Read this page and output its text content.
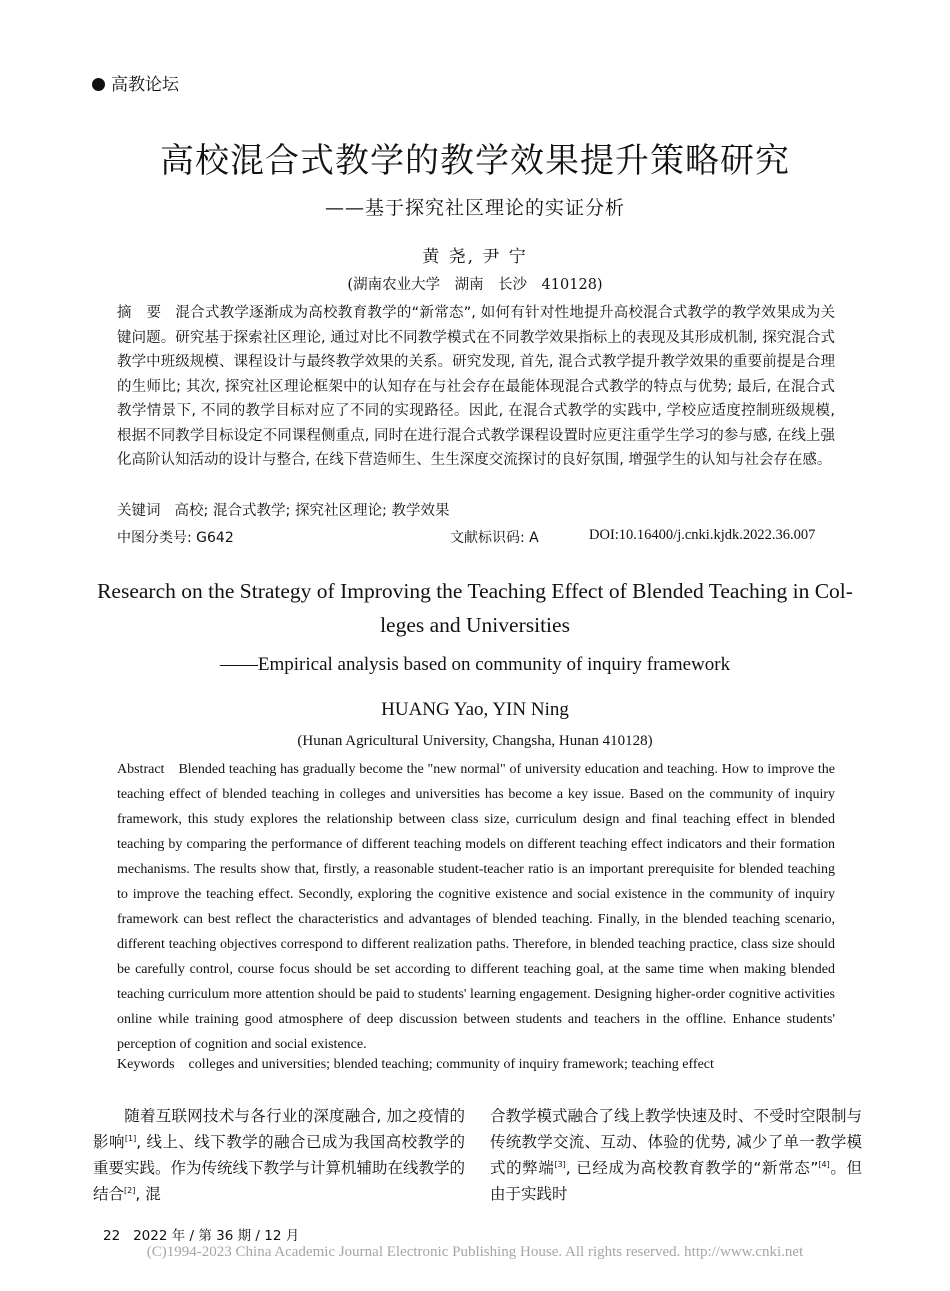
高教论坛
高校混合式教学的教学效果提升策略研究
——基于探究社区理论的实证分析
黄 尧, 尹 宁
(湖南农业大学　湖南　长沙　410128)
摘　要 混合式教学逐渐成为高校教育教学的“新常态”, 如何有针对性地提升高校混合式教学的教学效果成为关键问题。研究基于探索社区理论, 通过对比不同教学模式在不同教学效果指标上的表现及其形成机制, 探究混合式教学中班级规模、课程设计与最终教学效果的关系。研究发现, 首先, 混合式教学提升教学效果的重要前提是合理的生师比; 其次, 探究社区理论框架中的认知存在与社会存在最能体现混合式教学的特点与优势; 最后, 在混合式教学情景下, 不同的教学目标对应了不同的实现路径。因此, 在混合式教学的实践中, 学校应适度控制班级规模, 根据不同教学目标设定不同课程侧重点, 同时在进行混合式教学课程设置时应更注重学生学习的参与感, 在线上强化高阶认知活动的设计与整合, 在线下营造师生、生生深度交流探讨的良好氛围, 增强学生的认知与社会存在感。
关键词 高校; 混合式教学; 探究社区理论; 教学效果
中图分类号: G642	文献标识码: A	DOI:10.16400/j.cnki.kjdk.2022.36.007
Research on the Strategy of Improving the Teaching Effect of Blended Teaching in Col-
leges and Universities
——Empirical analysis based on community of inquiry framework
HUANG Yao, YIN Ning
(Hunan Agricultural University, Changsha, Hunan 410128)
Abstract Blended teaching has gradually become the "new normal" of university education and teaching. How to improve the teaching effect of blended teaching in colleges and universities has become a key issue. Based on the community of inquiry framework, this study explores the relationship between class size, curriculum design and final teaching effect in blended teaching by comparing the performance of different teaching models on different teaching effect indicators and their formation mechanisms. The results show that, firstly, a reasonable student-teacher ratio is an important prerequisite for blended teaching to improve the teaching effect. Secondly, exploring the cognitive existence and social existence in the community of inquiry framework can best reflect the characteristics and advantages of blended teaching. Finally, in the blended teaching scenario, different teaching objectives correspond to different realization paths. Therefore, in blended teaching practice, class size should be carefully control, course focus should be set according to different teaching goal, at the same time when making blended teaching curriculum more attention should be paid to students' learning engagement. Designing higher-order cognitive activities online while training good atmosphere of deep discussion between students and teachers in the offline. Enhance students' perception of cognition and social existence.
Keywords colleges and universities; blended teaching; community of inquiry framework; teaching effect
随着互联网技术与各行业的深度融合, 加之疫情的影响[1], 线上、线下教学的融合已成为我国高校教学的重要实践。作为传统线下教学与计算机辅助在线教学的结合[2], 混
合教学模式融合了线上教学快速及时、不受时空限制与传统教学交流、互动、体验的优势, 减少了单一教学模式的弊端[3], 已经成为高校教育教学的“新常态”[4]。但由于实践时
22 2022 年 / 第 36 期 / 12 月
(C)1994-2023 China Academic Journal Electronic Publishing House. All rights reserved. http://www.cnki.net
